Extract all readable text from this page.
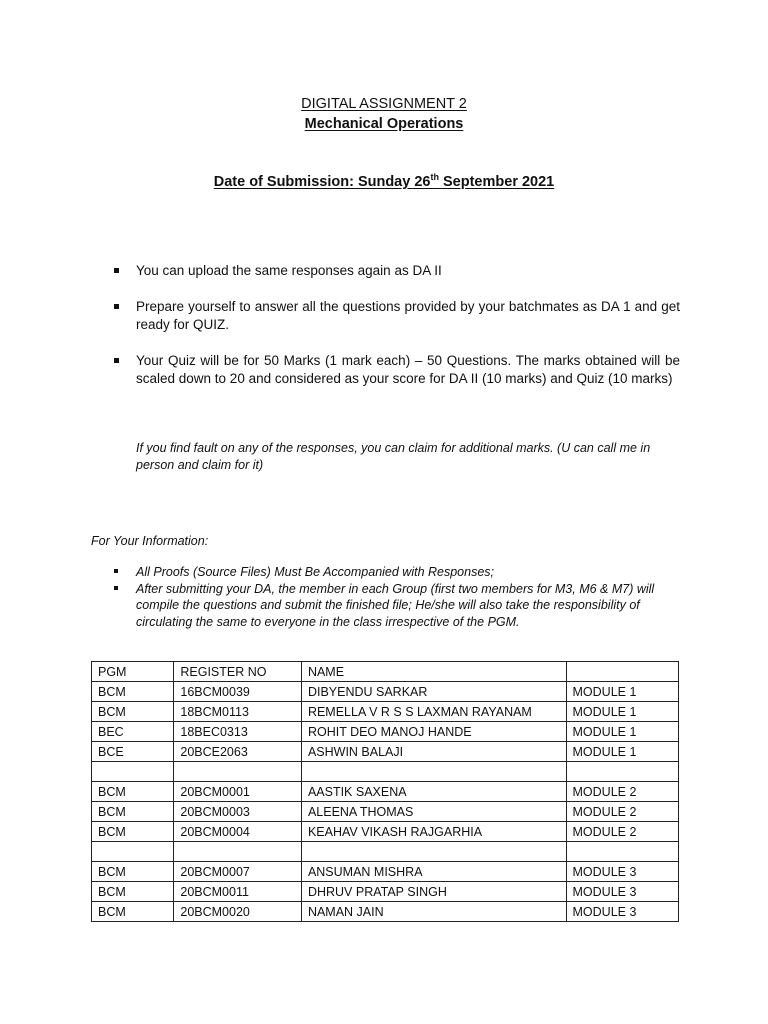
DIGITAL ASSIGNMENT 2
Mechanical Operations
Date of Submission: Sunday 26th September 2021
You can upload the same responses again as DA II
Prepare yourself to answer all the questions provided by your batchmates as DA 1 and get ready for QUIZ.
Your Quiz will be for 50 Marks (1 mark each) – 50 Questions. The marks obtained will be scaled down to 20 and considered as your score for DA II (10 marks) and Quiz (10 marks)
If you find fault on any of the responses, you can claim for additional marks. (U can call me in person and claim for it)
For Your Information:
All Proofs (Source Files) Must Be Accompanied with Responses;
After submitting your DA, the member in each Group (first two members for M3, M6 & M7) will compile the questions and submit the finished file; He/she will also take the responsibility of circulating the same to everyone in the class irrespective of the PGM.
PGM	REGISTER NO	NAME	
BCM	16BCM0039	DIBYENDU SARKAR	MODULE 1
BCM	18BCM0113	REMELLA V R S S LAXMAN RAYANAM	MODULE 1
BEC	18BEC0313	ROHIT DEO MANOJ HANDE	MODULE 1
BCE	20BCE2063	ASHWIN BALAJI	MODULE 1

BCM	20BCM0001	AASTIK SAXENA	MODULE 2
BCM	20BCM0003	ALEENA THOMAS	MODULE 2
BCM	20BCM0004	KEAHAV VIKASH RAJGARHIA	MODULE 2

BCM	20BCM0007	ANSUMAN MISHRA	MODULE 3
BCM	20BCM0011	DHRUV PRATAP SINGH	MODULE 3
BCM	20BCM0020	NAMAN JAIN	MODULE 3
